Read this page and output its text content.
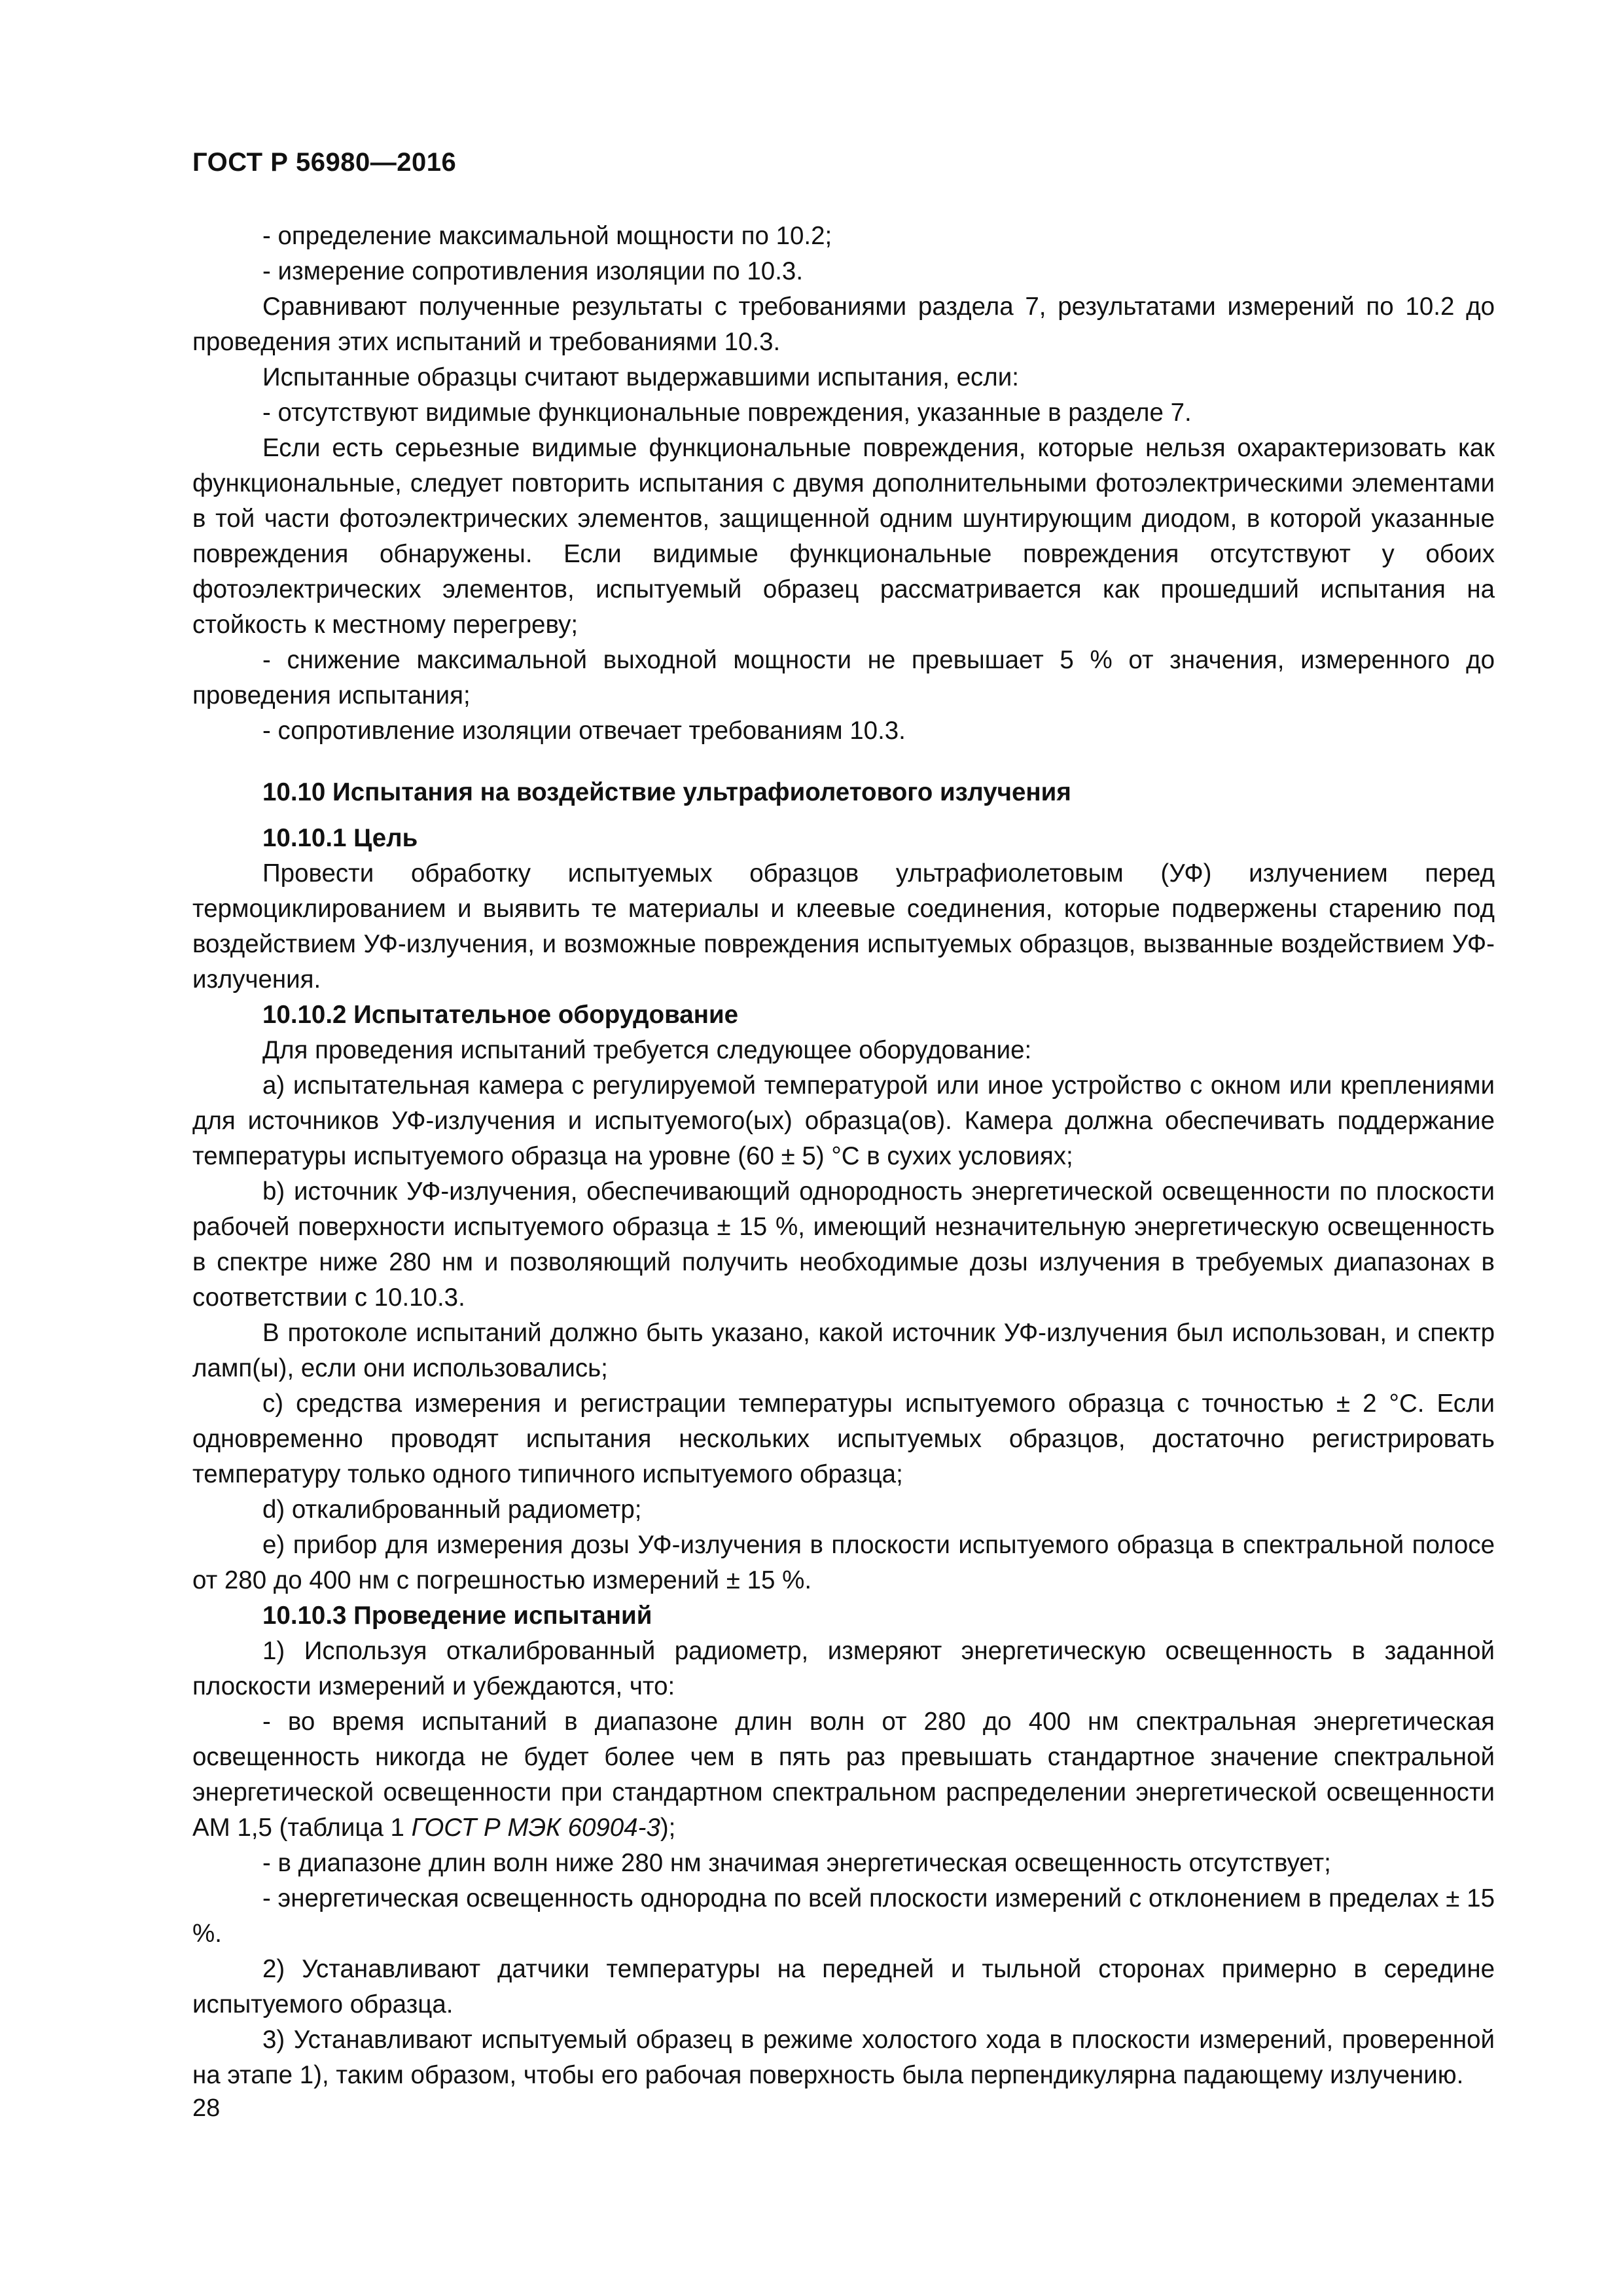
ГОСТ Р 56980—2016

- определение максимальной мощности по 10.2;

- измерение сопротивления изоляции по 10.3.

Сравнивают полученные результаты с требованиями раздела 7, результатами измерений по 10.2 до проведения этих испытаний и требованиями 10.3.

Испытанные образцы считают выдержавшими испытания, если:

- отсутствуют видимые функциональные повреждения, указанные в разделе 7.

Если есть серьезные видимые функциональные повреждения, которые нельзя охарактеризовать как функциональные, следует повторить испытания с двумя дополнительными фотоэлектрическими элементами в той части фотоэлектрических элементов, защищенной одним шунтирующим диодом, в которой указанные повреждения обнаружены. Если видимые функциональные повреждения отсутствуют у обоих фотоэлектрических элементов, испытуемый образец рассматривается как прошедший испытания на стойкость к местному перегреву;

- снижение максимальной выходной мощности не превышает 5 % от значения, измеренного до проведения испытания;

- сопротивление изоляции отвечает требованиям 10.3.

10.10 Испытания на воздействие ультрафиолетового излучения

10.10.1 Цель

Провести обработку испытуемых образцов ультрафиолетовым (УФ) излучением перед термоциклированием и выявить те материалы и клеевые соединения, которые подвержены старению под воздействием УФ-излучения, и возможные повреждения испытуемых образцов, вызванные воздействием УФ-излучения.

10.10.2 Испытательное оборудование

Для проведения испытаний требуется следующее оборудование:

a) испытательная камера с регулируемой температурой или иное устройство с окном или креплениями для источников УФ-излучения и испытуемого(ых) образца(ов). Камера должна обеспечивать поддержание температуры испытуемого образца на уровне (60 ± 5) °С в сухих условиях;

b) источник УФ-излучения, обеспечивающий однородность энергетической освещенности по плоскости рабочей поверхности испытуемого образца ± 15 %, имеющий незначительную энергетическую освещенность в спектре ниже 280 нм и позволяющий получить необходимые дозы излучения в требуемых диапазонах в соответствии с 10.10.3.

В протоколе испытаний должно быть указано, какой источник УФ-излучения был использован, и спектр ламп(ы), если они использовались;

c) средства измерения и регистрации температуры испытуемого образца с точностью ± 2 °С. Если одновременно проводят испытания нескольких испытуемых образцов, достаточно регистрировать температуру только одного типичного испытуемого образца;

d) откалиброванный радиометр;

e) прибор для измерения дозы УФ-излучения в плоскости испытуемого образца в спектральной полосе от 280 до 400 нм с погрешностью измерений ± 15 %.

10.10.3 Проведение испытаний

1) Используя откалиброванный радиометр, измеряют энергетическую освещенность в заданной плоскости измерений и убеждаются, что:

- во время испытаний в диапазоне длин волн от 280 до 400 нм спектральная энергетическая освещенность никогда не будет более чем в пять раз превышать стандартное значение спектральной энергетической освещенности при стандартном спектральном распределении энергетической освещенности АМ 1,5 (таблица 1 ГОСТ Р МЭК 60904-3);

- в диапазоне длин волн ниже 280 нм значимая энергетическая освещенность отсутствует;

- энергетическая освещенность однородна по всей плоскости измерений с отклонением в пределах ± 15 %.

2) Устанавливают датчики температуры на передней и тыльной сторонах примерно в середине испытуемого образца.

3) Устанавливают испытуемый образец в режиме холостого хода в плоскости измерений, проверенной на этапе 1), таким образом, чтобы его рабочая поверхность была перпендикулярна падающему излучению.

28
